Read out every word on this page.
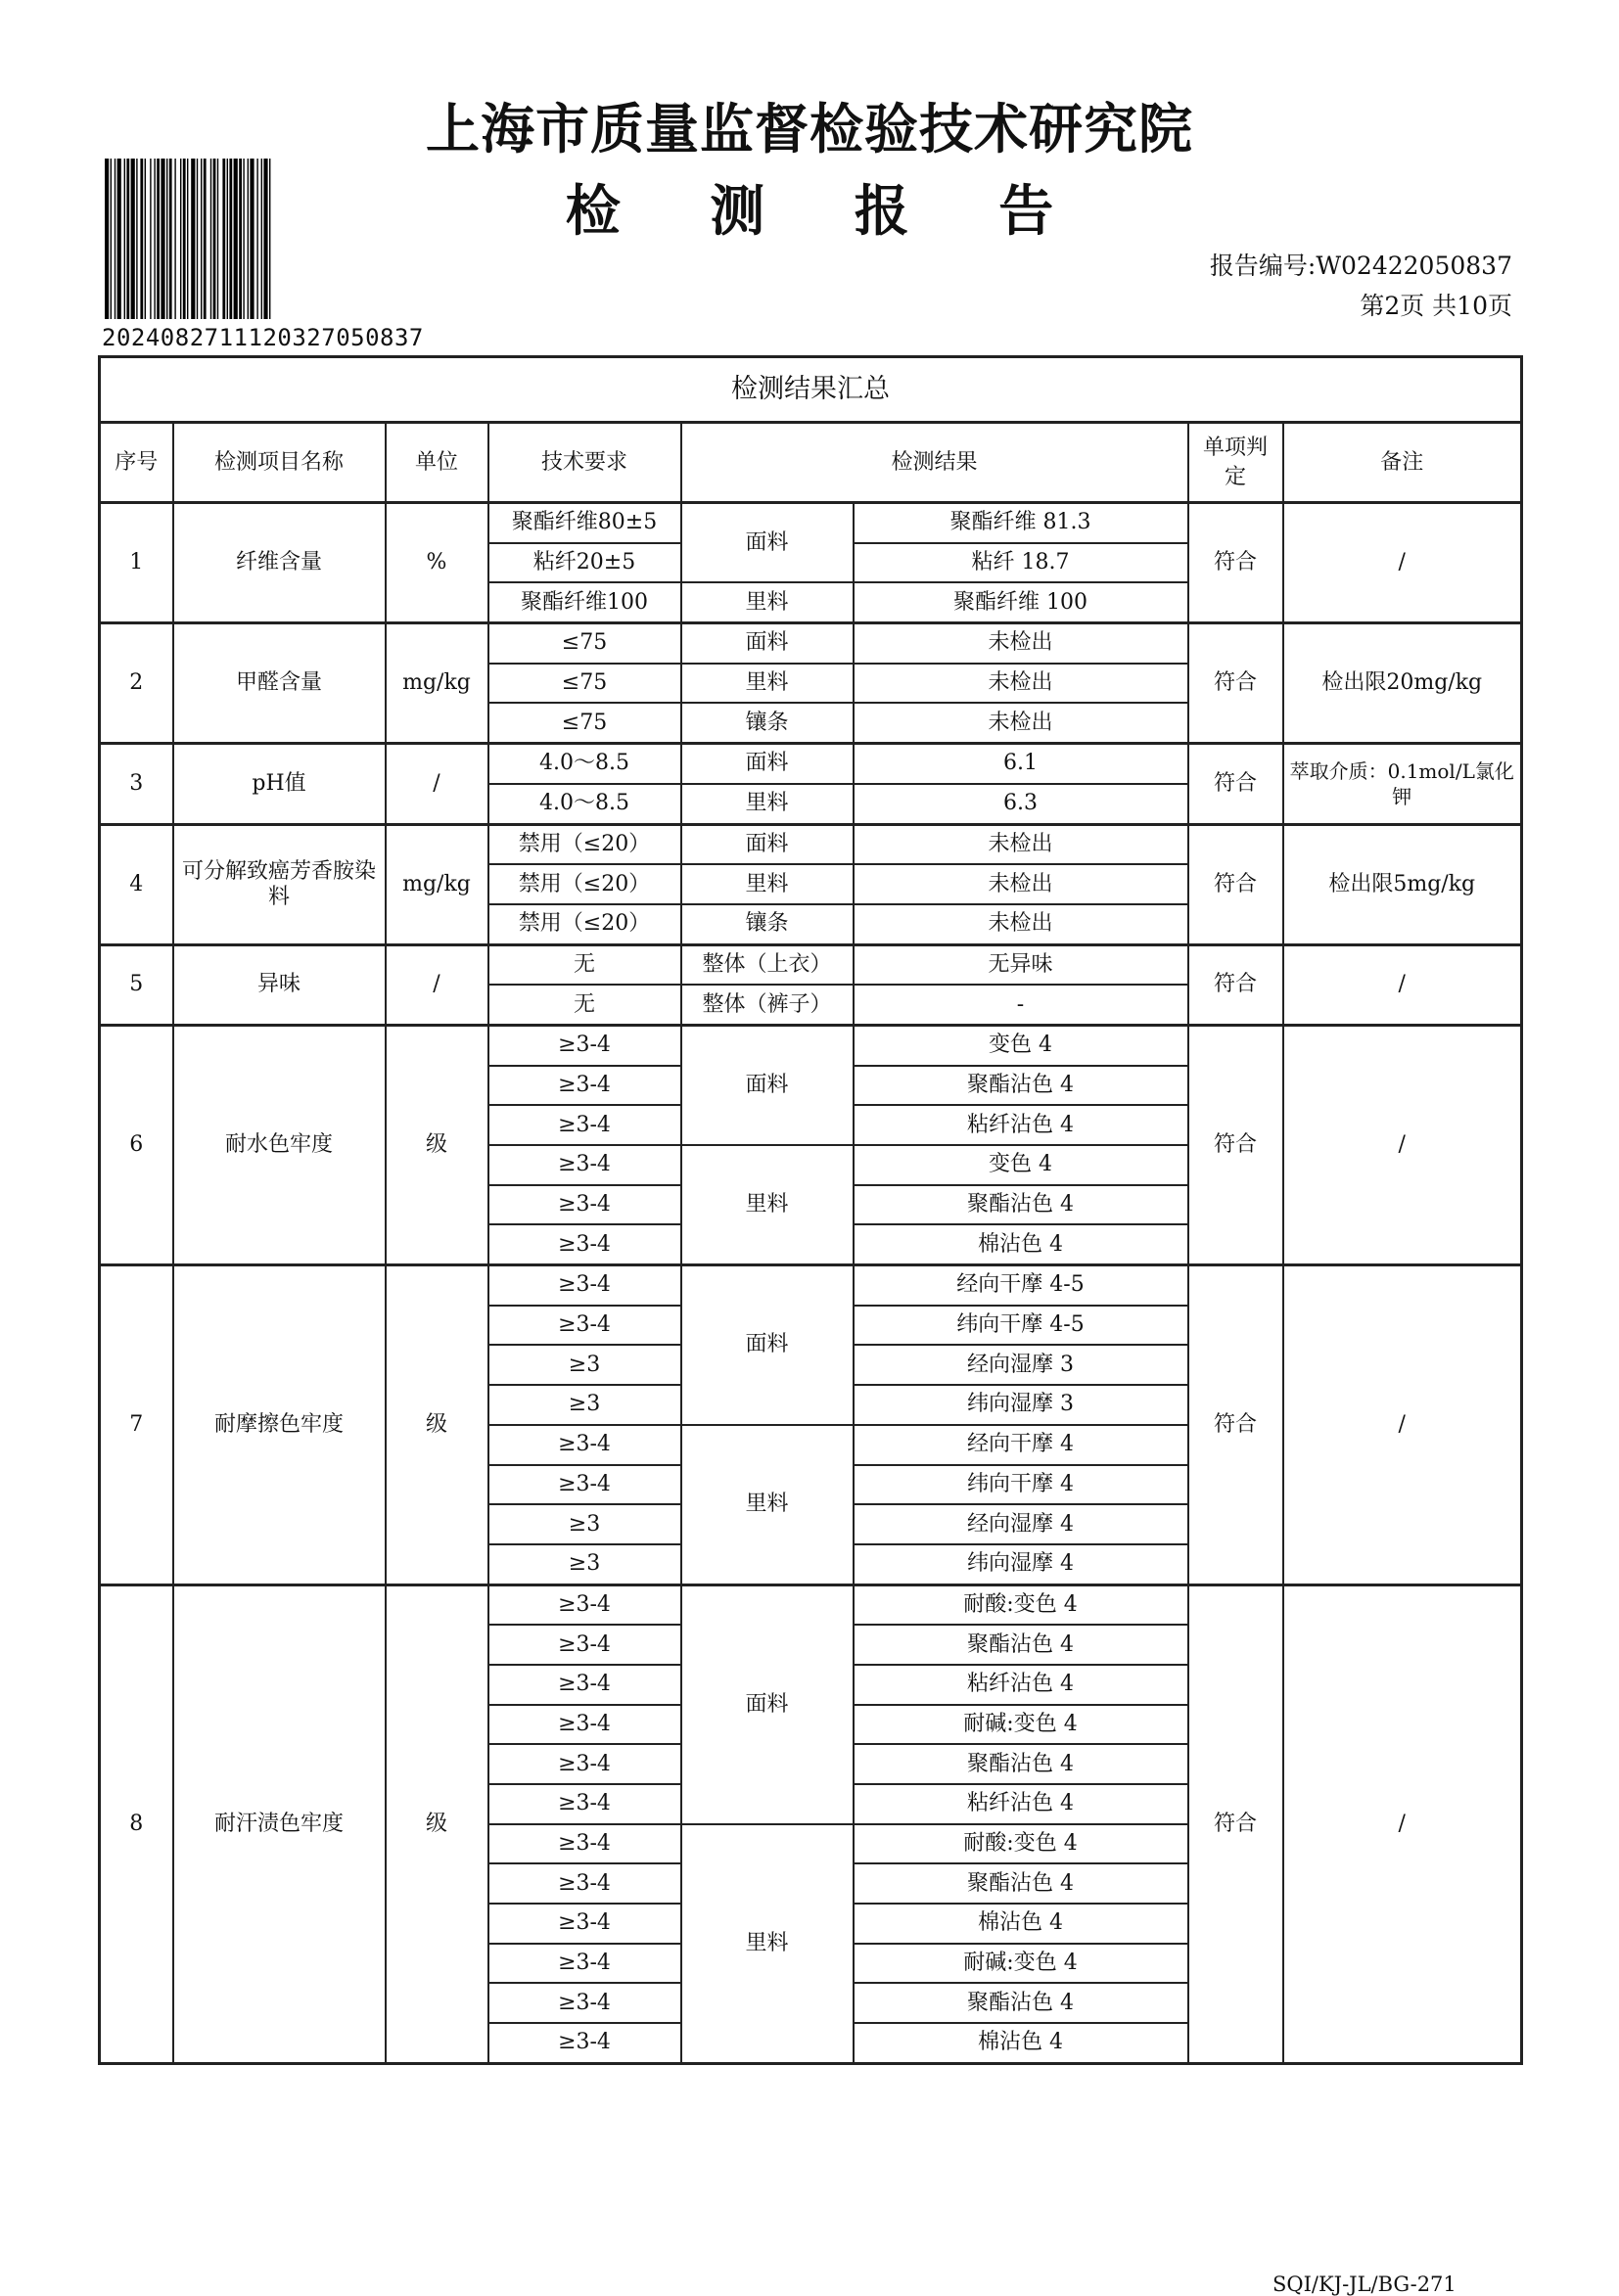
上海市质量监督检验技术研究院
检 测 报 告
202408271112032705083​7
报告编号:W02422050837
第2页 共10页
检测结果汇总							
序号	检测项目名称	单位	技术要求	检测结果		单项判定	备注
1	纤维含量	%	聚酯纤维80±5	面料	聚酯纤维 81.3	符合	/
			粘纤20±5		粘纤 18.7		
			聚酯纤维100	里料	聚酯纤维 100		
2	甲醛含量	mg/kg	≤75	面料	未检出	符合	检出限20mg/kg
			≤75	里料	未检出		
			≤75	镶条	未检出		
3	pH值	/	4.0～8.5	面料	6.1	符合	萃取介质：0.1mol/L氯化钾
			4.0～8.5	里料	6.3		
4	可分解致癌芳香胺染料	mg/kg	禁用（≤20）	面料	未检出	符合	检出限5mg/kg
			禁用（≤20）	里料	未检出		
			禁用（≤20）	镶条	未检出		
5	异味	/	无	整体（上衣）	无异味	符合	/
			无	整体（裤子）	-		
6	耐水色牢度	级	≥3-4	面料	变色 4	符合	/
			≥3-4		聚酯沾色 4		
			≥3-4		粘纤沾色 4		
			≥3-4	里料	变色 4		
			≥3-4		聚酯沾色 4		
			≥3-4		棉沾色 4		
7	耐摩擦色牢度	级	≥3-4	面料	经向干摩 4-5	符合	/
			≥3-4		纬向干摩 4-5		
			≥3		经向湿摩 3		
			≥3		纬向湿摩 3		
			≥3-4	里料	经向干摩 4		
			≥3-4		纬向干摩 4		
			≥3		经向湿摩 4		
			≥3		纬向湿摩 4		
8	耐汗渍色牢度	级	≥3-4	面料	耐酸:变色 4	符合	/
			≥3-4		聚酯沾色 4		
			≥3-4		粘纤沾色 4		
			≥3-4		耐碱:变色 4		
			≥3-4		聚酯沾色 4		
			≥3-4		粘纤沾色 4		
			≥3-4	里料	耐酸:变色 4		
			≥3-4		聚酯沾色 4		
			≥3-4		棉沾色 4		
			≥3-4		耐碱:变色 4		
			≥3-4		聚酯沾色 4		
			≥3-4		棉沾色 4		
SQI/KJ-JL/BG-271
